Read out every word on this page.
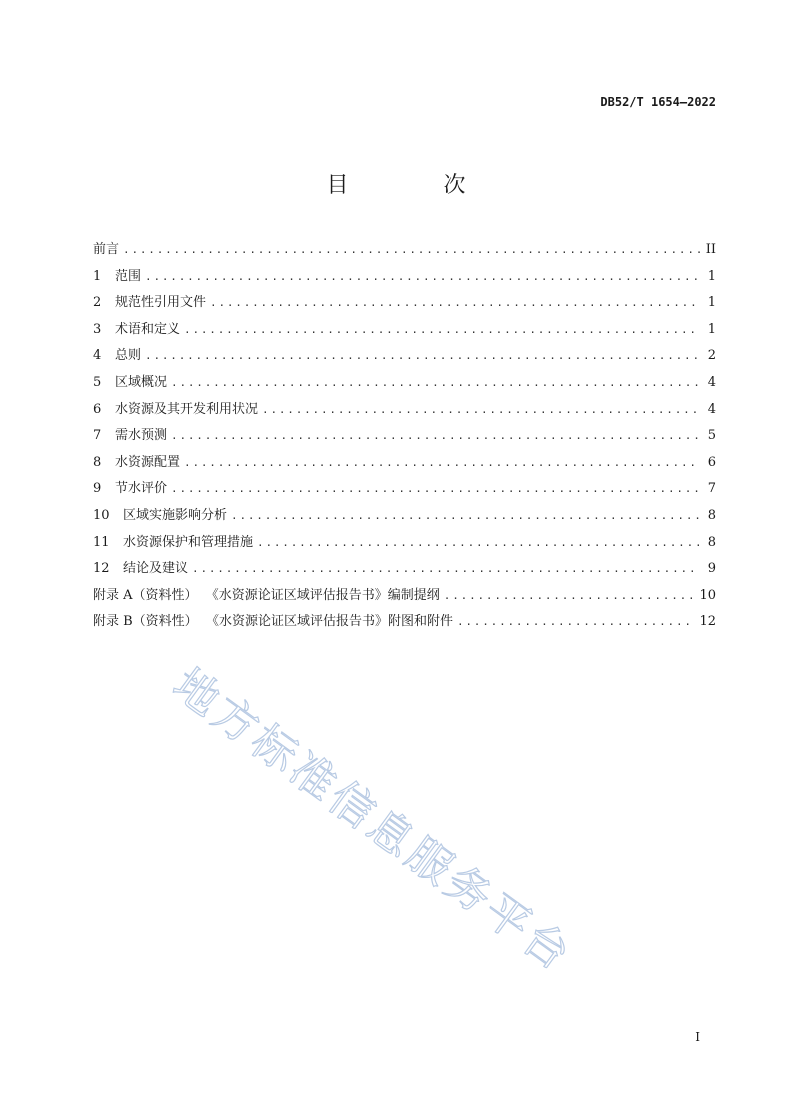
DB52/T 1654—2022
目 次
前言 .....	II
1	范围 .....	1
2	规范性引用文件 .....	1
3	术语和定义 .....	1
4	总则 .....	2
5	区域概况 .....	4
6	水资源及其开发利用状况 .....	4
7	需水预测 .....	5
8	水资源配置 .....	6
9	节水评价 .....	7
10	区域实施影响分析 .....	8
11	水资源保护和管理措施 .....	8
12	结论及建议 .....	9
附录 A（资料性）  《水资源论证区域评估报告书》编制提纲 .....	10
附录 B（资料性）  《水资源论证区域评估报告书》附图和附件 .....	12
地方标准信息服务平台
I
